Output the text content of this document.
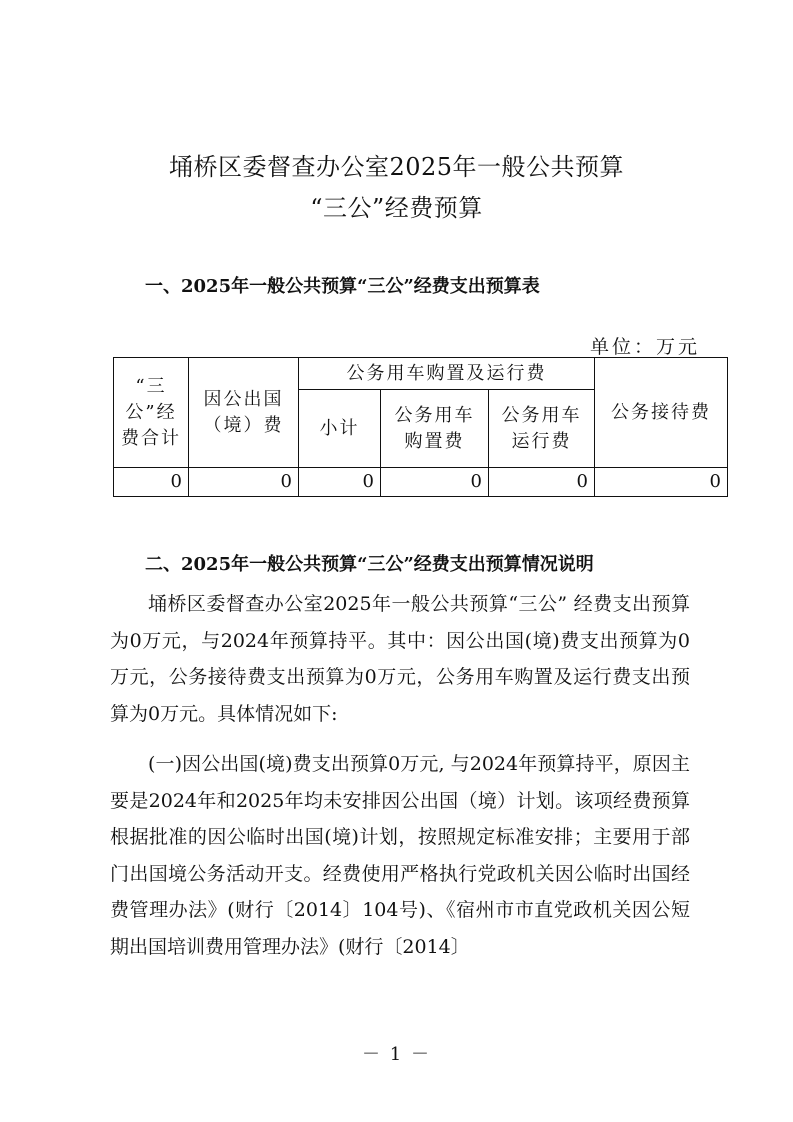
埇桥区委督查办公室2025年一般公共预算
“三公”经费预算
一、2025年一般公共预算“三公”经费支出预算表
单位：万元
“三公”经费合计	因公出国（境）费	公务用车购置及运行费			公务接待费
		小计	公务用车购置费	公务用车运行费	
0	0	0	0	0	0
二、2025年一般公共预算“三公”经费支出预算情况说明

埇桥区委督查办公室2025年一般公共预算“三公” 经费支出预算为0万元，与2024年预算持平。其中：因公出国(境)费支出预算为0万元，公务接待费支出预算为0万元，公务用车购置及运行费支出预算为0万元。具体情况如下:

(一)因公出国(境)费支出预算0万元, 与2024年预算持平，原因主要是2024年和2025年均未安排因公出国（境）计划。该项经费预算根据批准的因公临时出国(境)计划，按照规定标准安排；主要用于部门出国境公务活动开支。经费使用严格执行党政机关因公临时出国经费管理办法》(财行〔2014〕104号)、《宿州市市直党政机关因公短期出国培训费用管理办法》(财行〔2014〕

－ 1 －
